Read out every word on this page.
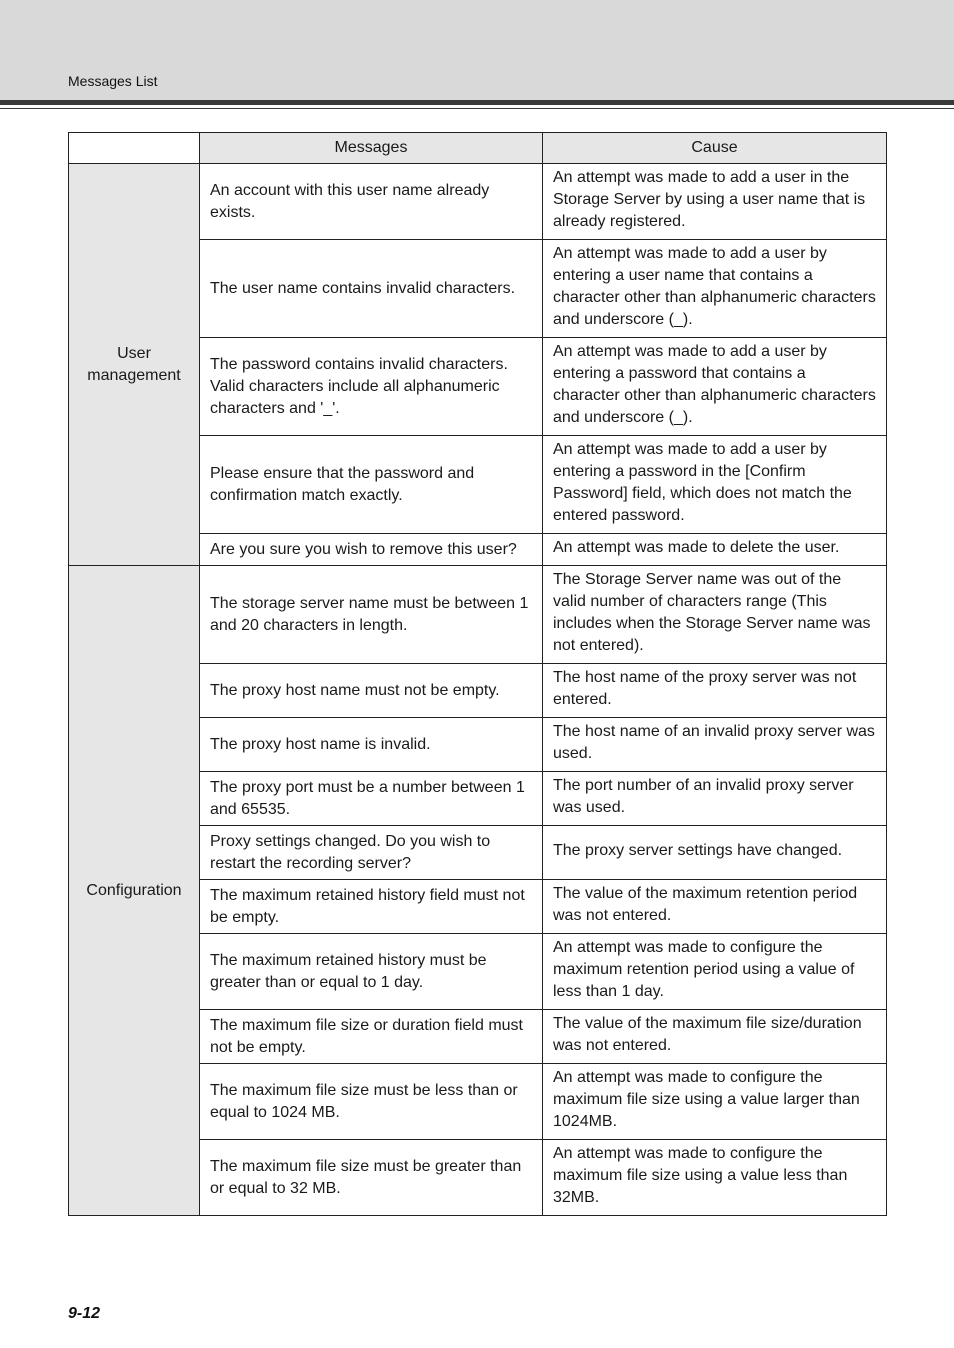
Messages List
	Messages	Cause
User management	An account with this user name already exists.	An attempt was made to add a user in the Storage Server by using a user name that is already registered.
	The user name contains invalid characters.	An attempt was made to add a user by entering a user name that contains a character other than alphanumeric characters and underscore (_).
	The password contains invalid characters. Valid characters include all alphanumeric characters and '_'.	An attempt was made to add a user by entering a password that contains a character other than alphanumeric characters and underscore (_).
	Please ensure that the password and confirmation match exactly.	An attempt was made to add a user by entering a password in the [Confirm Password] field, which does not match the entered password.
	Are you sure you wish to remove this user?	An attempt was made to delete the user.
Configuration	The storage server name must be between 1 and 20 characters in length.	The Storage Server name was out of the valid number of characters range (This includes when the Storage Server name was not entered).
	The proxy host name must not be empty.	The host name of the proxy server was not entered.
	The proxy host name is invalid.	The host name of an invalid proxy server was used.
	The proxy port must be a number between 1 and 65535.	The port number of an invalid proxy server was used.
	Proxy settings changed. Do you wish to restart the recording server?	The proxy server settings have changed.
	The maximum retained history field must not be empty.	The value of the maximum retention period was not entered.
	The maximum retained history must be greater than or equal to 1 day.	An attempt was made to configure the maximum retention period using a value of less than 1 day.
	The maximum file size or duration field must not be empty.	The value of the maximum file size/duration was not entered.
	The maximum file size must be less than or equal to 1024 MB.	An attempt was made to configure the maximum file size using a value larger than 1024MB.
	The maximum file size must be greater than or equal to 32 MB.	An attempt was made to configure the maximum file size using a value less than 32MB.
9-12
